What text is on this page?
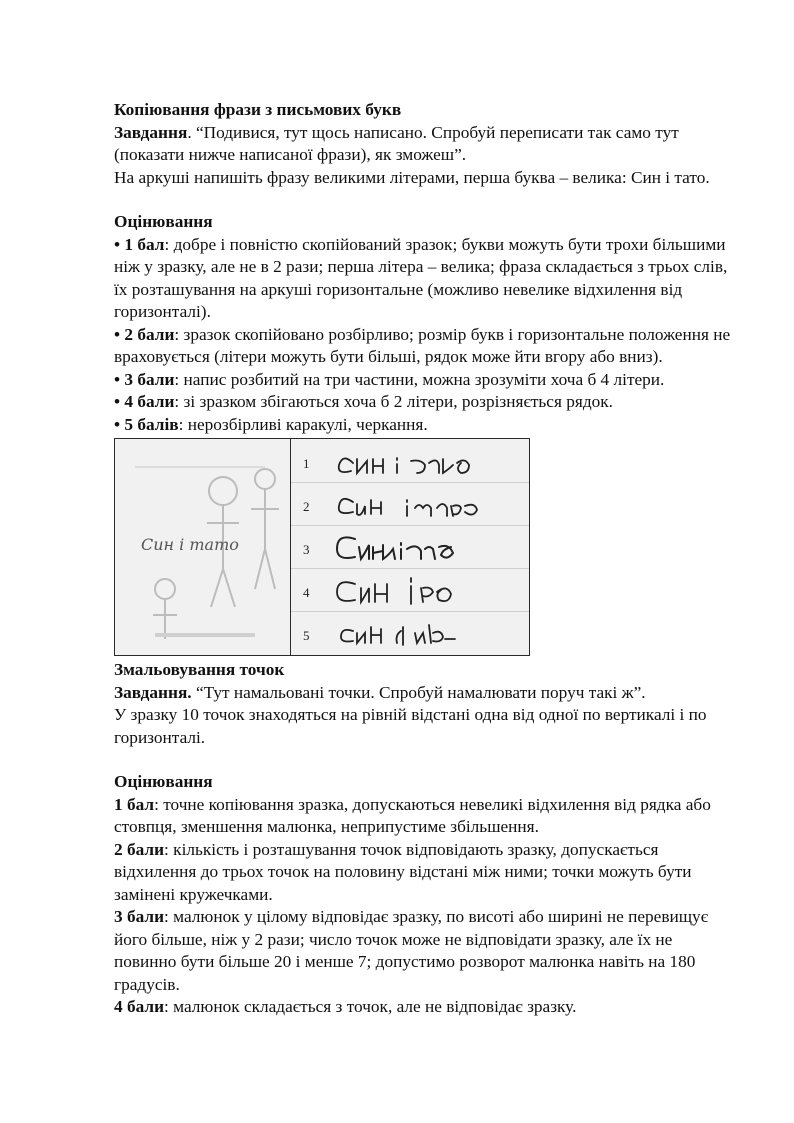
Копіювання фрази з письмових букв

Завдання. “Подивися, тут щось написано. Спробуй переписати так само тут (показати нижче написаної фрази), як зможеш”.

На аркуші напишіть фразу великими літерами, перша буква – велика: Син і тато.

Оцінювання

• 1 бал: добре і повністю скопійований зразок; букви можуть бути трохи більшими ніж у зразку, але не в 2 рази; перша літера – велика; фраза складається з трьох слів, їх розташування на аркуші горизонтальне (можливо невелике відхилення від горизонталі).

• 2 бали: зразок скопійовано розбірливо; розмір букв і горизонтальне положення не враховується (літери можуть бути більші, рядок може йти вгору або вниз).

• 3 бали: напис розбитий на три частини, можна зрозуміти хоча б 4 літери.

• 4 бали: зі зразком збігаються хоча б 2 літери, розрізняється рядок.

• 5 балів: нерозбірливі каракулі, черкання.

Син і тато
1
2
3
4
5

Змальовування точок

Завдання. “Тут намальовані точки. Спробуй намалювати поруч такі ж”.

У зразку 10 точок знаходяться на рівній відстані одна від одної по вертикалі і по горизонталі.

Оцінювання

1 бал: точне копіювання зразка, допускаються невеликі відхилення від рядка або стовпця, зменшення малюнка, неприпустиме збільшення.

2 бали: кількість і розташування точок відповідають зразку, допускається відхилення до трьох точок на половину відстані між ними; точки можуть бути замінені кружечками.

3 бали: малюнок у цілому відповідає зразку, по висоті або ширині не перевищує його більше, ніж у 2 рази; число точок може не відповідати зразку, але їх не повинно бути більше 20 і менше 7; допустимо розворот малюнка навіть на 180 градусів.

4 бали: малюнок складається з точок, але не відповідає зразку.
